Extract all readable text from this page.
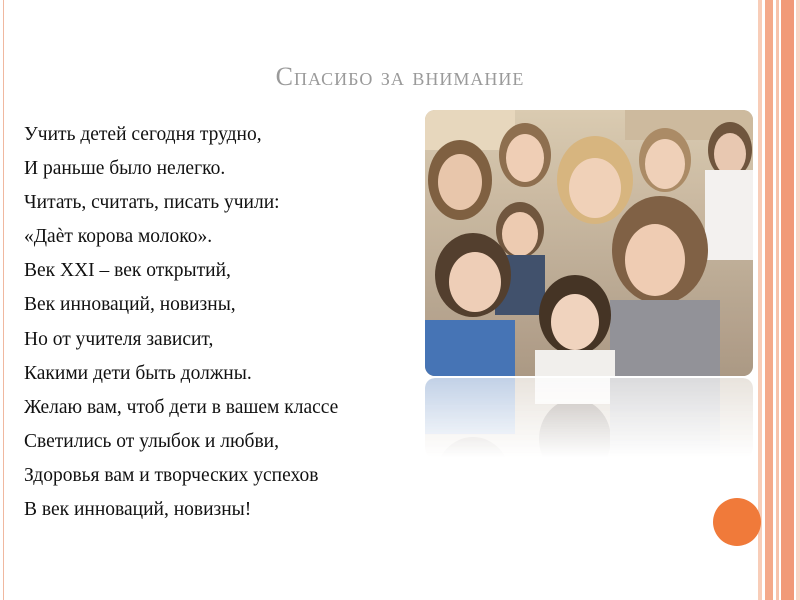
Спасибо за внимание
Учить детей сегодня трудно,
И раньше было нелегко.
Читать, считать, писать учили:
«Даѐт корова молоко».
Век XXI – век открытий,
Век инноваций, новизны,
Но от учителя зависит,
Какими дети быть должны.
Желаю вам, чтоб дети в вашем классе
Светились от улыбок и любви,
Здоровья вам и творческих успехов
В век инноваций, новизны!
